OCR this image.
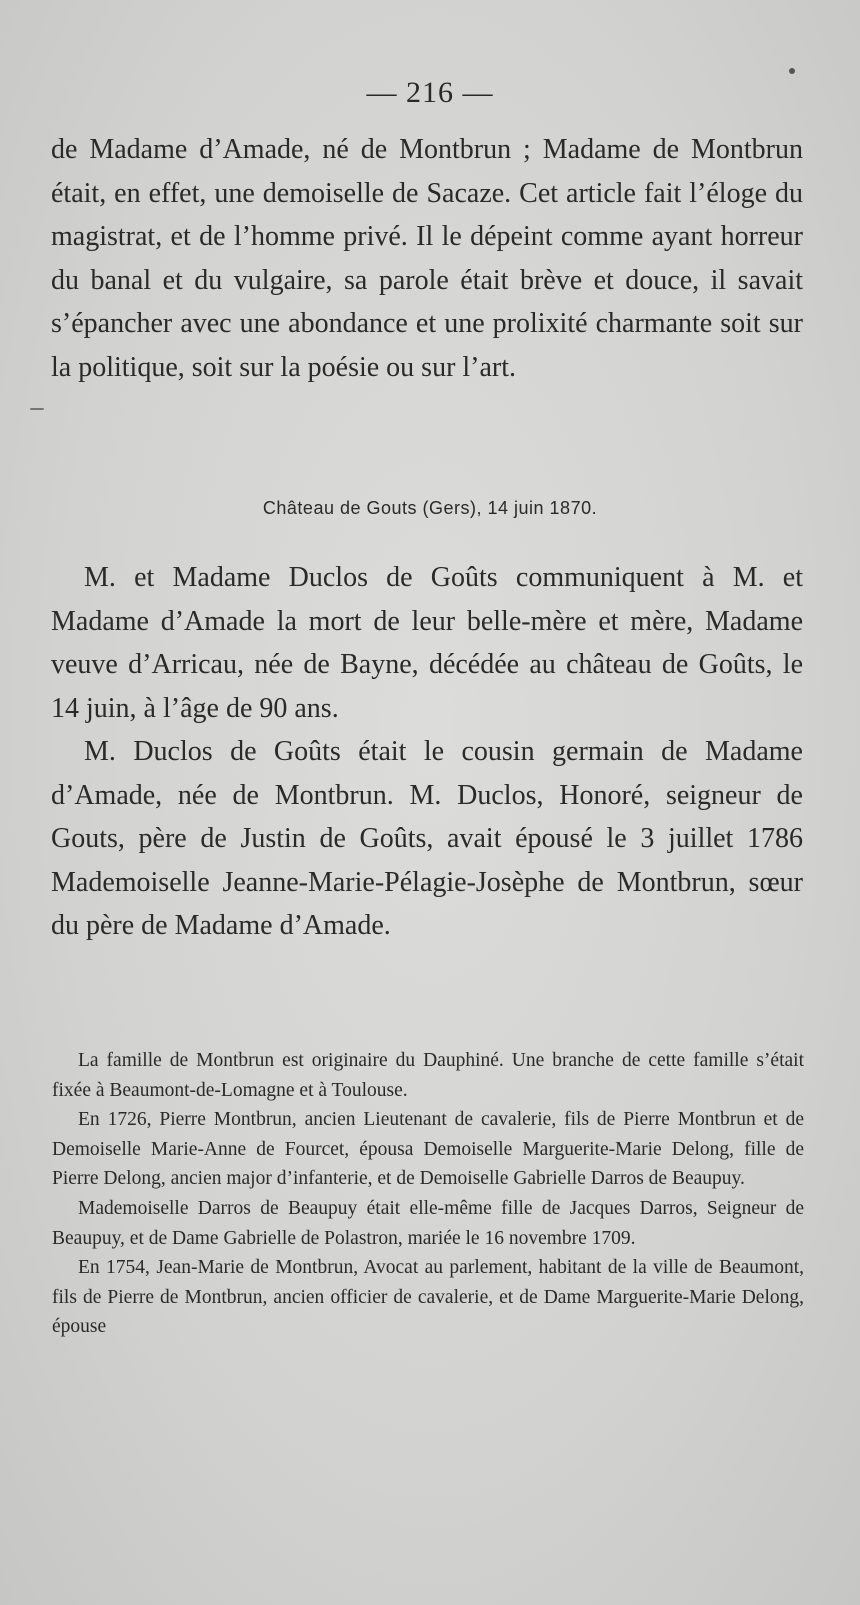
— 216 —

de Madame d’Amade, né de Montbrun ; Madame de Montbrun était, en effet, une demoiselle de Sacaze. Cet article fait l’éloge du magistrat, et de l’homme privé. Il le dépeint comme ayant horreur du banal et du vulgaire, sa parole était brève et douce, il savait s’épancher avec une abondance et une prolixité charmante soit sur la politique, soit sur la poésie ou sur l’art.

Château de Gouts (Gers), 14 juin 1870.

M. et Madame Duclos de Goûts communiquent à M. et Madame d’Amade la mort de leur belle-mère et mère, Madame veuve d’Arricau, née de Bayne, décédée au château de Goûts, le 14 juin, à l’âge de 90 ans.

M. Duclos de Goûts était le cousin germain de Madame d’Amade, née de Montbrun. M. Duclos, Honoré, seigneur de Gouts, père de Justin de Goûts, avait épousé le 3 juillet 1786 Mademoiselle Jeanne-Marie-Pélagie-Josèphe de Montbrun, sœur du père de Madame d’Amade.

La famille de Montbrun est originaire du Dauphiné. Une branche de cette famille s’était fixée à Beaumont-de-Lomagne et à Toulouse.

En 1726, Pierre Montbrun, ancien Lieutenant de cavalerie, fils de Pierre Montbrun et de Demoiselle Marie-Anne de Fourcet, épousa Demoiselle Marguerite-Marie Delong, fille de Pierre Delong, ancien major d’infanterie, et de Demoiselle Gabrielle Darros de Beaupuy.

Mademoiselle Darros de Beaupuy était elle-même fille de Jacques Darros, Seigneur de Beaupuy, et de Dame Gabrielle de Polastron, mariée le 16 novembre 1709.

En 1754, Jean-Marie de Montbrun, Avocat au parlement, habitant de la ville de Beaumont, fils de Pierre de Montbrun, ancien officier de cavalerie, et de Dame Marguerite-Marie Delong, épouse
